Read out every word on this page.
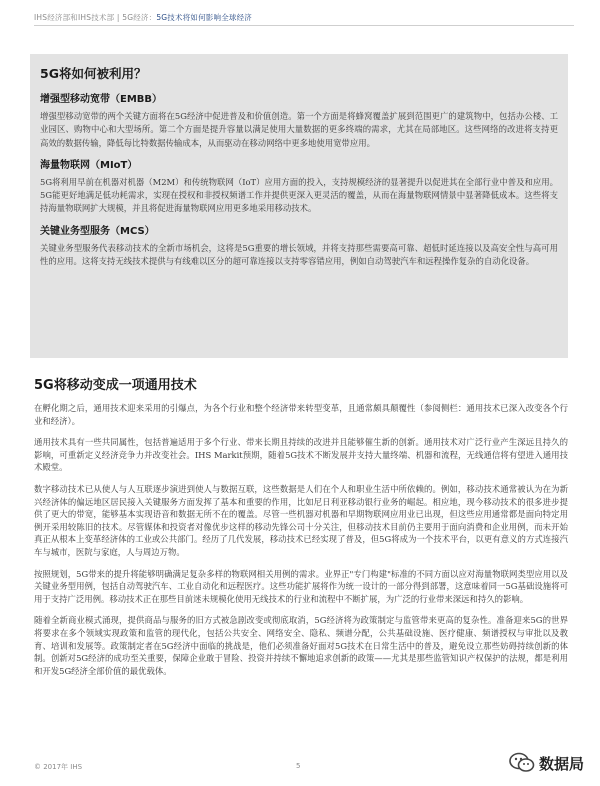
IHS经济部和IHS技术部 | 5G经济：5G技术将如何影响全球经济
5G将如何被利用？
增强型移动宽带（EMBB）

增强型移动宽带的两个关键方面将在5G经济中促进普及和价值创造。第一个方面是将蜂窝覆盖扩展到范围更广的建筑物中，包括办公楼、工业园区、购物中心和大型场所。第二个方面是提升容量以满足使用大量数据的更多终端的需求，尤其在局部地区。这些网络的改进将支持更高效的数据传输，降低每比特数据传输成本，从而驱动在移动网络中更多地使用宽带应用。

海量物联网（MIoT）

5G将利用早前在机器对机器（M2M）和传统物联网（IoT）应用方面的投入，支持规模经济的显著提升以促进其在全部行业中普及和应用。5G能更好地满足低功耗需求，实现在授权和非授权频谱工作并提供更深入更灵活的覆盖，从而在海量物联网情景中显著降低成本。这些将支持海量物联网扩大规模，并且将促进海量物联网应用更多地采用移动技术。

关键业务型服务（MCS）

关键业务型服务代表移动技术的全新市场机会，这将是5G重要的增长领域，并将支持那些需要高可靠、超低时延连接以及高安全性与高可用性的应用。这将支持无线技术提供与有线难以区分的超可靠连接以支持零容错应用，例如自动驾驶汽车和远程操作复杂的自动化设备。

5G将移动变成一项通用技术

在孵化期之后，通用技术迎来采用的引爆点，为各个行业和整个经济带来转型变革，且通常颇具颠覆性（参阅侧栏：通用技术已深入改变各个行业和经济）。

通用技术具有一些共同属性，包括普遍适用于多个行业、带来长期且持续的改进并且能够催生新的创新。通用技术对广泛行业产生深远且持久的影响，可重新定义经济竞争力并改变社会。IHS Markit预期，随着5G技术不断发展并支持大量终端、机器和流程，无线通信将有望进入通用技术殿堂。

数字移动技术已从使人与人互联逐步演进到使人与数据互联，这些数据是人们在个人和职业生活中所依赖的。例如，移动技术通常被认为在为新兴经济体的偏远地区居民接入关键服务方面发挥了基本和重要的作用，比如尼日利亚移动银行业务的崛起。相应地，现今移动技术的很多进步提供了更大的带宽，能够基本实现语音和数据无所不在的覆盖。尽管一些机器对机器和早期物联网应用业已出现，但这些应用通常都是面向特定用例开采用较陈旧的技术。尽管媒体和投资者对像优步这样的移动先锋公司十分关注，但移动技术目前仍主要用于面向消费和企业用例，而未开始真正从根本上变革经济体的工业或公共部门。经历了几代发展，移动技术已经实现了普及，但5G将成为一个技术平台，以更有意义的方式连接汽车与城市，医院与家庭，人与周边万物。

按照规划，5G带来的提升将能够明确满足复杂多样的物联网相关用例的需求。业界正"专门构建"标准的不同方面以应对海量物联网类型应用以及关键业务型用例，包括自动驾驶汽车、工业自动化和远程医疗。这些功能扩展将作为统一设计的一部分得到部署，这意味着同一5G基础设施将可用于支持广泛用例。移动技术正在那些目前迷未规模化使用无线技术的行业和流程中不断扩展，为广泛的行业带来深远和持久的影响。

随着全新商业模式涌现，提供商品与服务的旧方式被急剧改变或彻底取消，5G经济将为政策制定与监管带来更高的复杂性。准备迎来5G的世界将要求在多个领域实现政策和监管的现代化，包括公共安全、网络安全、隐私、频谱分配，公共基础设施、医疗健康、频谱授权与审批以及教育、培训和发展等。政策制定者在5G经济中面临的挑战是，他们必须准备好面对5G技术在日常生活中的普及，避免设立那些妨碍持续创新的体制。创新对5G经济的成功至关重要，保障企业敢于冒险、投资并持续不懈地追求创新的政策——尤其是那些监管知识产权保护的法规，都是利用和开发5G经济全部价值的最优载体。

© 2017年 IHS	5	数据局
